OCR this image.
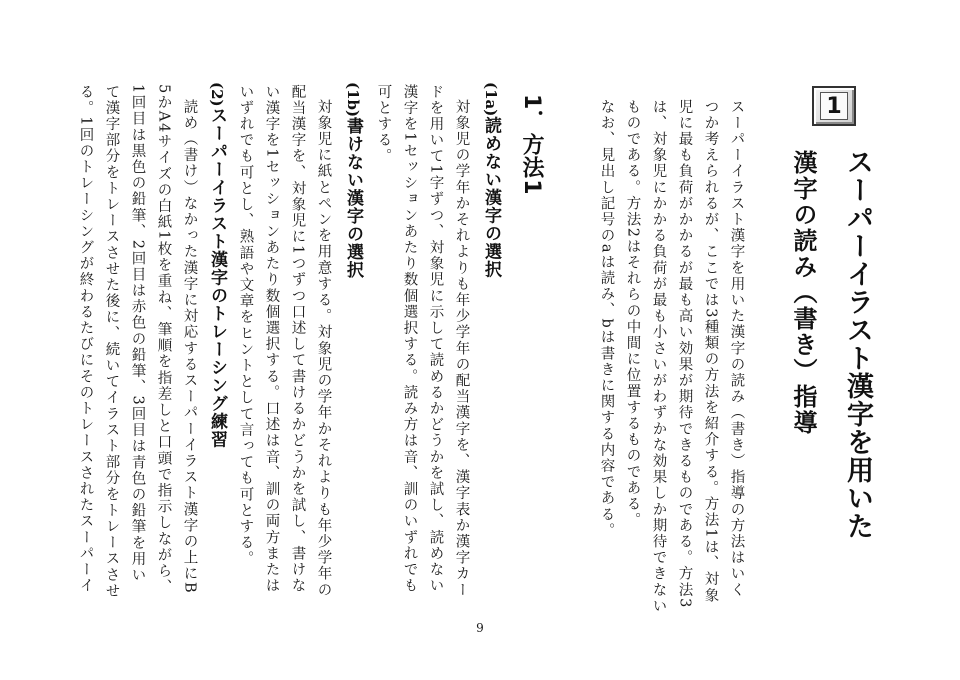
1
スーパーイラスト漢字を用いた
漢字の読み（書き）指導
スーパーイラスト漢字を用いた漢字の読み（書き）指導の方法はいく
つか考えられるが、ここでは3種類の方法を紹介する。方法1は、対象
児に最も負荷がかかるが最も高い効果が期待できるものである。方法3
は、対象児にかかる負荷が最も小さいがわずかな効果しか期待できない
ものである。方法2はそれらの中間に位置するものである。
なお、見出し記号のaは読み、bは書きに関する内容である。
1．方法1
(1a)読めない漢字の選択
対象児の学年かそれよりも年少学年の配当漢字を、漢字表か漢字カー
ドを用いて1字ずつ、対象児に示して読めるかどうかを試し、読めない
漢字を1セッションあたり数個選択する。読み方は音、訓のいずれでも
可とする。
(1b)書けない漢字の選択
対象児に紙とペンを用意する。対象児の学年かそれよりも年少学年の
配当漢字を、対象児に1つずつ口述して書けるかどうかを試し、書けな
い漢字を1セッションあたり数個選択する。口述は音、訓の両方または
いずれでも可とし、熟語や文章をヒントとして言っても可とする。
(2)スーパーイラスト漢字のトレーシング練習
読め（書け）なかった漢字に対応するスーパーイラスト漢字の上にB
5かA4サイズの白紙1枚を重ね、筆順を指差しと口頭で指示しながら、
1回目は黒色の鉛筆、2回目は赤色の鉛筆、3回目は青色の鉛筆を用い
て漢字部分をトレースさせた後に、続いてイラスト部分をトレースさせ
る。1回のトレーシングが終わるたびにそのトレースされたスーパーイ
9
